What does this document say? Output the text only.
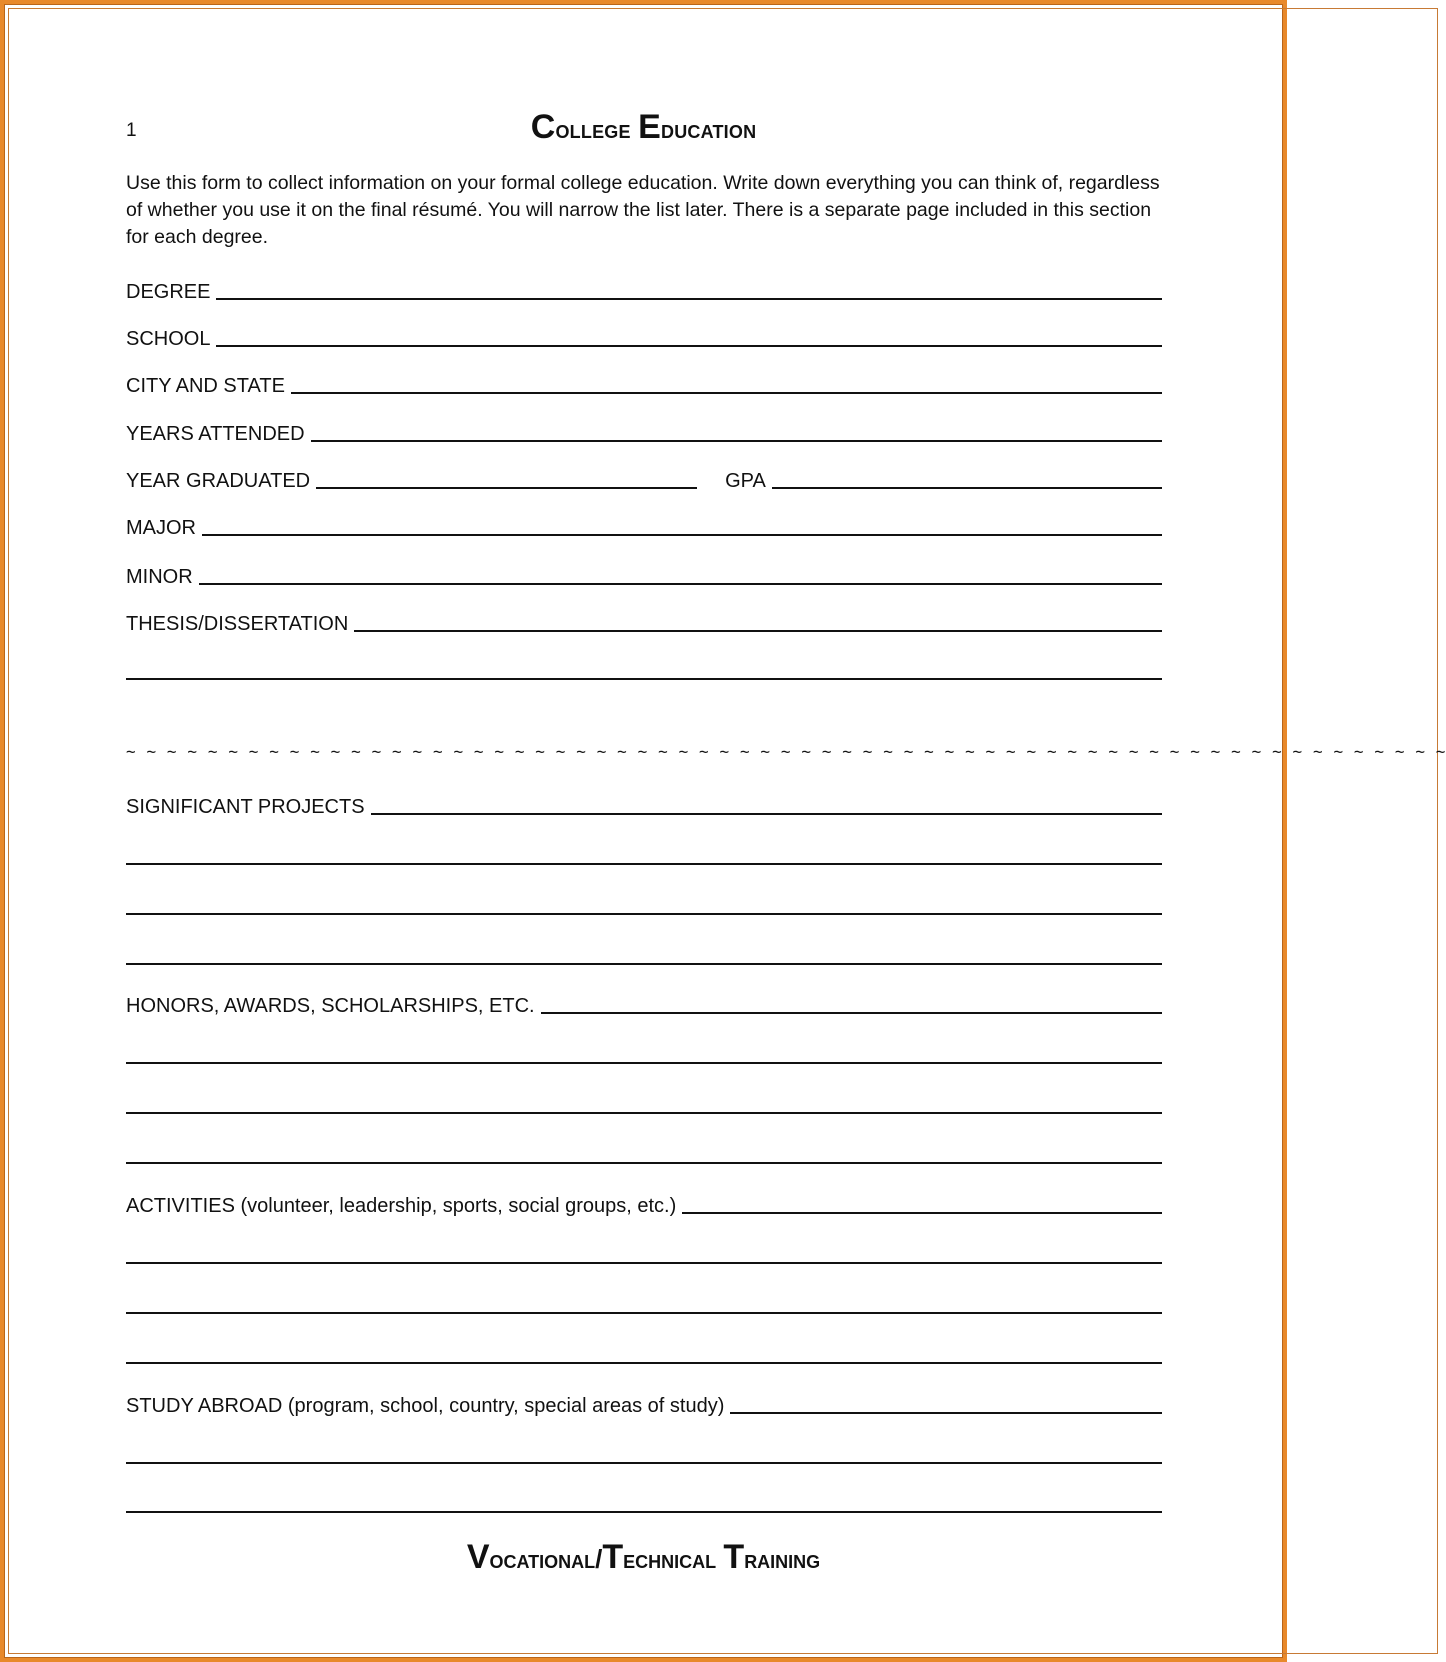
1	College Education
Use this form to collect information on your formal college education. Write down everything you can think of, regardless of whether you use it on the final résumé. You will narrow the list later. There is a separate page included in this section for each degree.
DEGREE
SCHOOL
CITY AND STATE
YEARS ATTENDED
YEAR GRADUATED	GPA
MAJOR
MINOR
THESIS/DISSERTATION
~ ~ ~ ~ ~ ~ ~ ~ ~ ~ ~ ~ ~ ~ ~ ~ ~ ~ ~ ~ ~ ~ ~ ~ ~ ~ ~ ~ ~ ~ ~ ~ ~ ~ ~ ~ ~ ~ ~ ~ ~ ~ ~ ~ ~ ~ ~ ~ ~ ~ ~ ~ ~ ~ ~ ~ ~ ~ ~ ~ ~ ~ ~ ~ ~
SIGNIFICANT PROJECTS
HONORS, AWARDS, SCHOLARSHIPS, ETC.
ACTIVITIES (volunteer, leadership, sports, social groups, etc.)
STUDY ABROAD (program, school, country, special areas of study)
Vocational/Technical Training
